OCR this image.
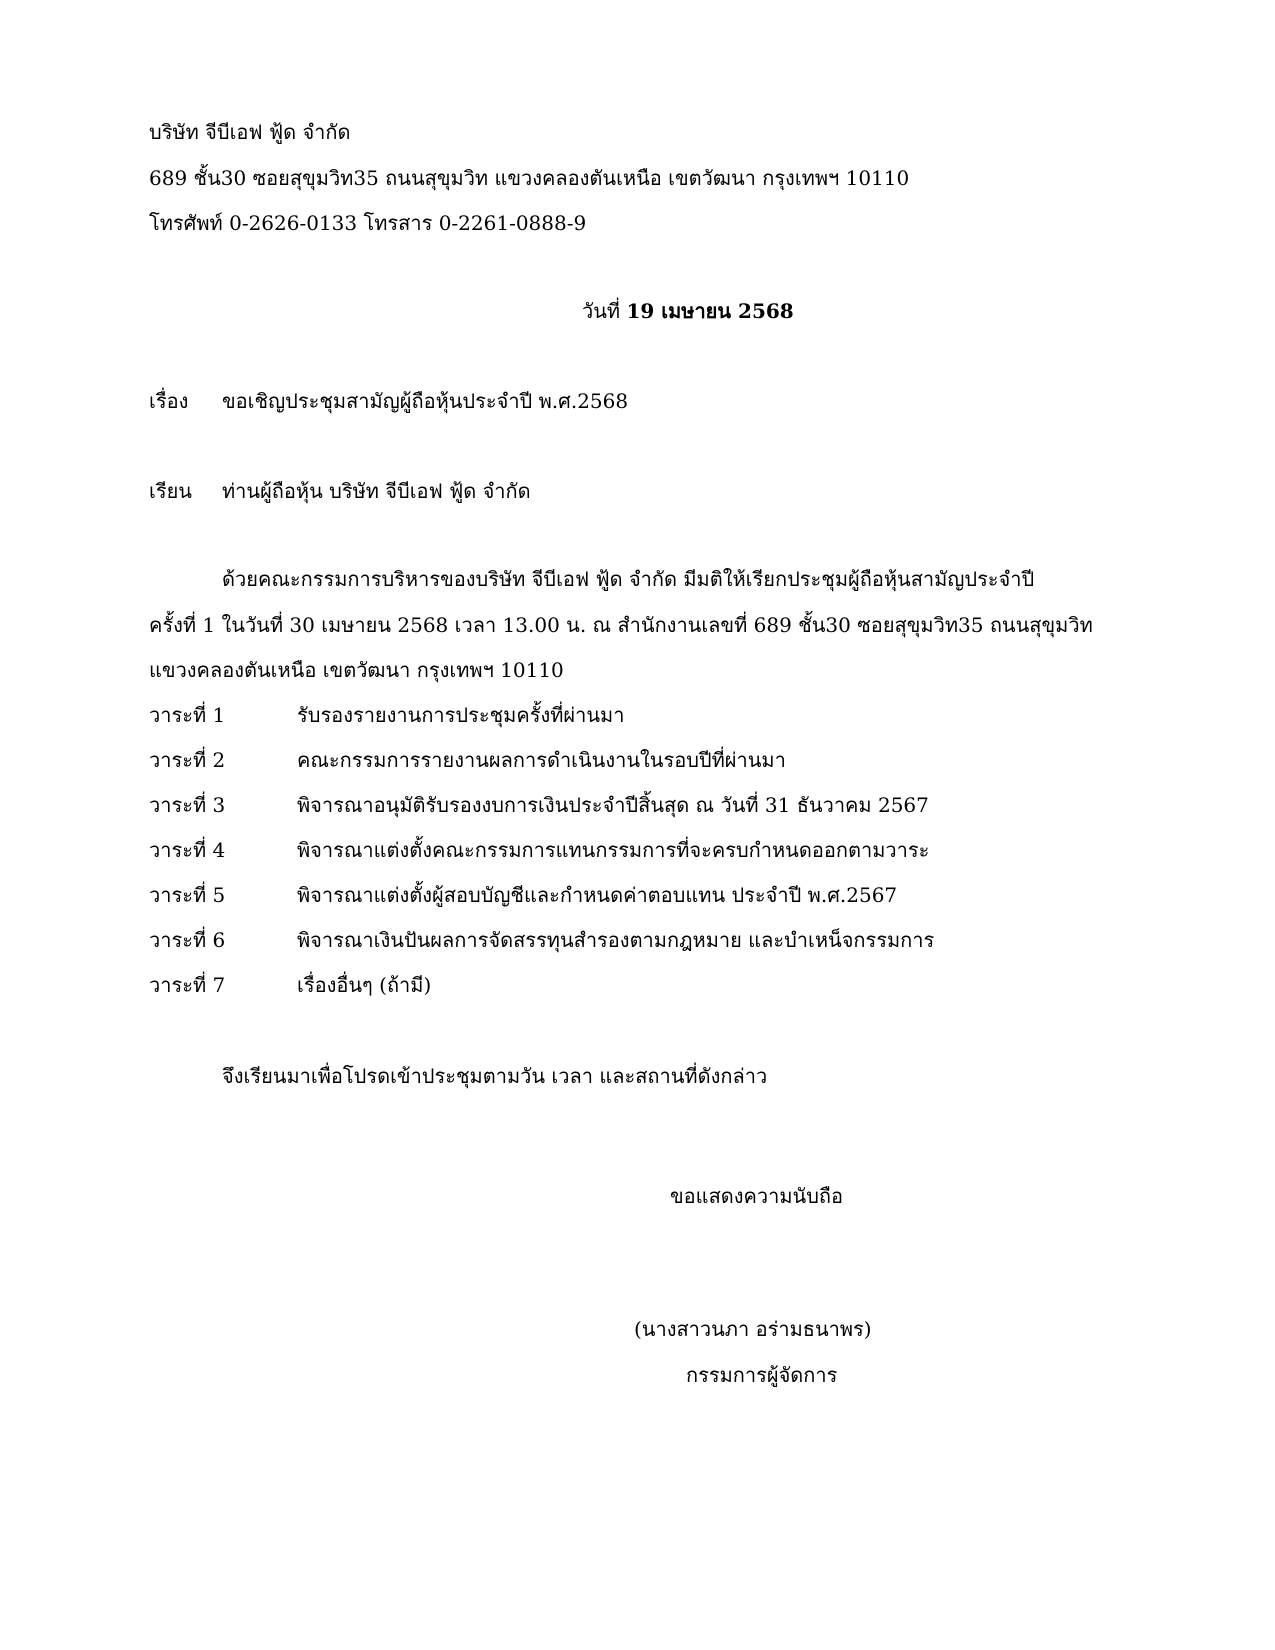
บริษัท จีบีเอฟ ฟู้ด จำกัด
689 ชั้น30 ซอยสุขุมวิท35 ถนนสุขุมวิท แขวงคลองตันเหนือ เขตวัฒนา กรุงเทพฯ 10110
โทรศัพท์ 0-2626-0133 โทรสาร 0-2261-0888-9
วันที่ 19 เมษายน 2568
เรื่อง ขอเชิญประชุมสามัญผู้ถือหุ้นประจำปี พ.ศ.2568
เรียน ท่านผู้ถือหุ้น บริษัท จีบีเอฟ ฟู้ด จำกัด
ด้วยคณะกรรมการบริหารของบริษัท จีบีเอฟ ฟู้ด จำกัด มีมติให้เรียกประชุมผู้ถือหุ้นสามัญประจำปี
ครั้งที่ 1 ในวันที่ 30 เมษายน 2568 เวลา 13.00 น. ณ สำนักงานเลขที่ 689 ชั้น30 ซอยสุขุมวิท35 ถนนสุขุมวิท
แขวงคลองตันเหนือ เขตวัฒนา กรุงเทพฯ 10110
วาระที่ 1	รับรองรายงานการประชุมครั้งที่ผ่านมา
วาระที่ 2	คณะกรรมการรายงานผลการดำเนินงานในรอบปีที่ผ่านมา
วาระที่ 3	พิจารณาอนุมัติรับรองงบการเงินประจำปีสิ้นสุด ณ วันที่ 31 ธันวาคม 2567
วาระที่ 4	พิจารณาแต่งตั้งคณะกรรมการแทนกรรมการที่จะครบกำหนดออกตามวาระ
วาระที่ 5	พิจารณาแต่งตั้งผู้สอบบัญชีและกำหนดค่าตอบแทน ประจำปี พ.ศ.2567
วาระที่ 6	พิจารณาเงินปันผลการจัดสรรทุนสำรองตามกฎหมาย และบำเหน็จกรรมการ
วาระที่ 7	เรื่องอื่นๆ (ถ้ามี)
จึงเรียนมาเพื่อโปรดเข้าประชุมตามวัน เวลา และสถานที่ดังกล่าว
ขอแสดงความนับถือ
(นางสาวนภา อร่ามธนาพร)
กรรมการผู้จัดการ
